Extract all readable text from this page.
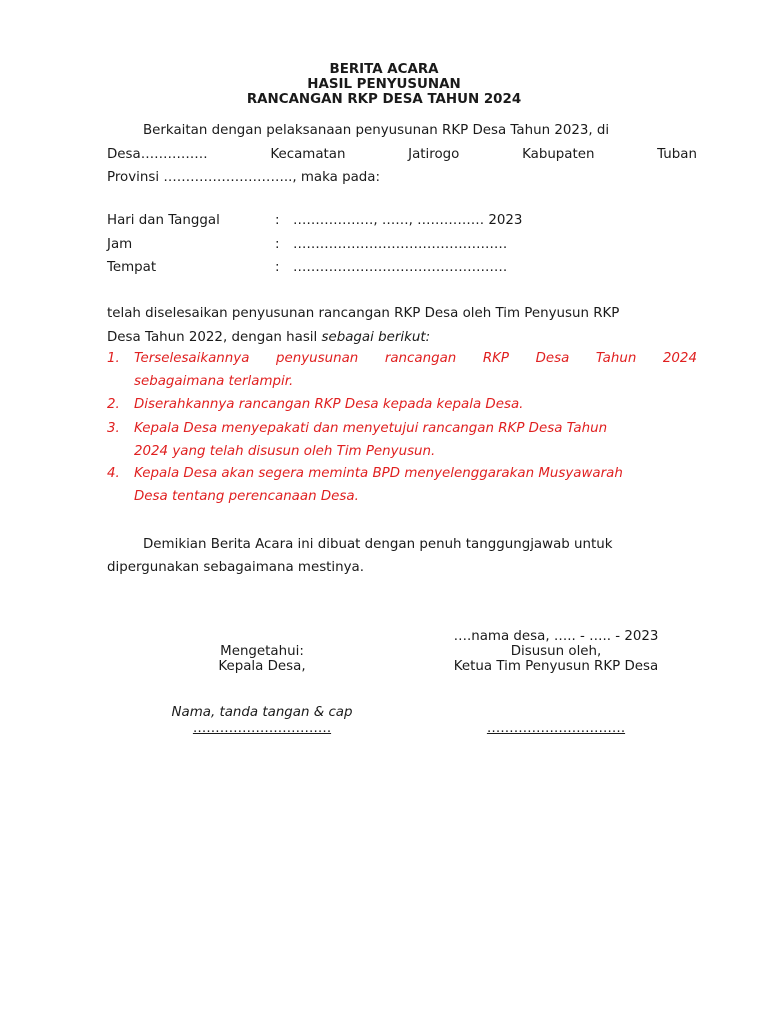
BERITA ACARA
HASIL PENYUSUNAN
RANCANGAN RKP DESA TAHUN 2024
Berkaitan dengan pelaksanaan penyusunan RKP Desa Tahun 2023, di
Desa……………	Kecamatan	Jatirogo	Kabupaten	Tuban
Provinsi ……………………….., maka pada:
Hari dan Tanggal	: ………………, ……, …………… 2023
Jam	: …………………………………………
Tempat	: …………………………………………
telah diselesaikan penyusunan rancangan RKP Desa oleh Tim Penyusun RKP
Desa Tahun 2022, dengan hasil sebagai berikut:
1. Terselesaikannya penyusunan rancangan RKP Desa Tahun 2024
sebagaimana terlampir.
2. Diserahkannya rancangan RKP Desa kepada kepala Desa.
3. Kepala Desa menyepakati dan menyetujui rancangan RKP Desa Tahun
2024 yang telah disusun oleh Tim Penyusun.
4. Kepala Desa akan segera meminta BPD menyelenggarakan Musyawarah
Desa tentang perencanaan Desa.
Demikian Berita Acara ini dibuat dengan penuh tanggungjawab untuk
dipergunakan sebagaimana mestinya.
….nama desa, ….. - ….. - 2023
Mengetahui:
Kepala Desa,
Disusun oleh,
Ketua Tim Penyusun RKP Desa
Nama, tanda tangan & cap
………………………….	………………………….
